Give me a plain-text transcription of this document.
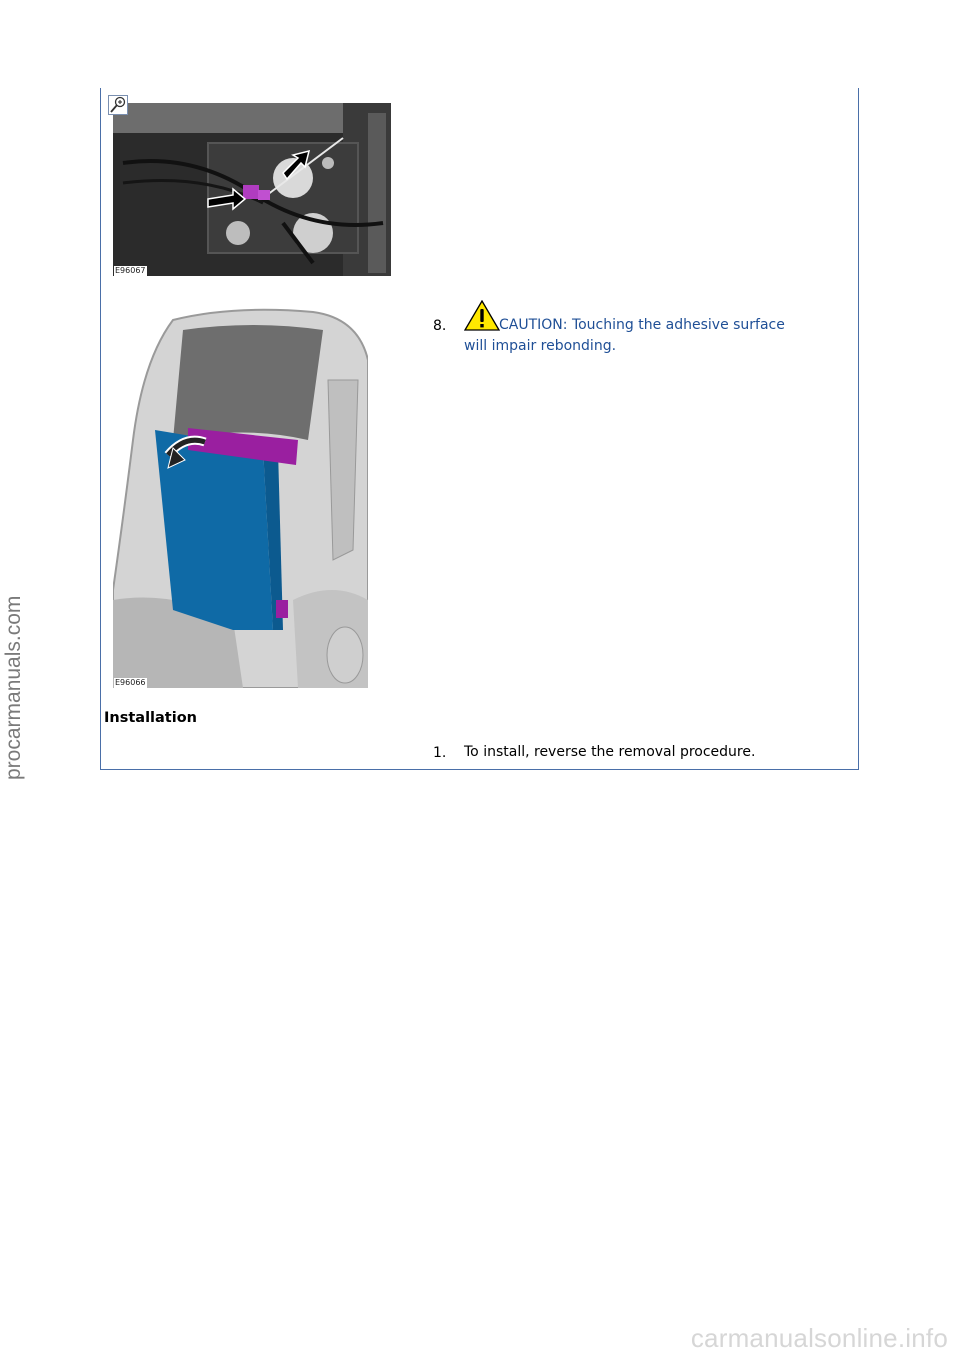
E96067
E96066
8.	CAUTION: Touching the adhesive surface
will impair rebonding.
Installation
1. To install, reverse the removal procedure.
procarmanuals.com
carmanualsonline.info
